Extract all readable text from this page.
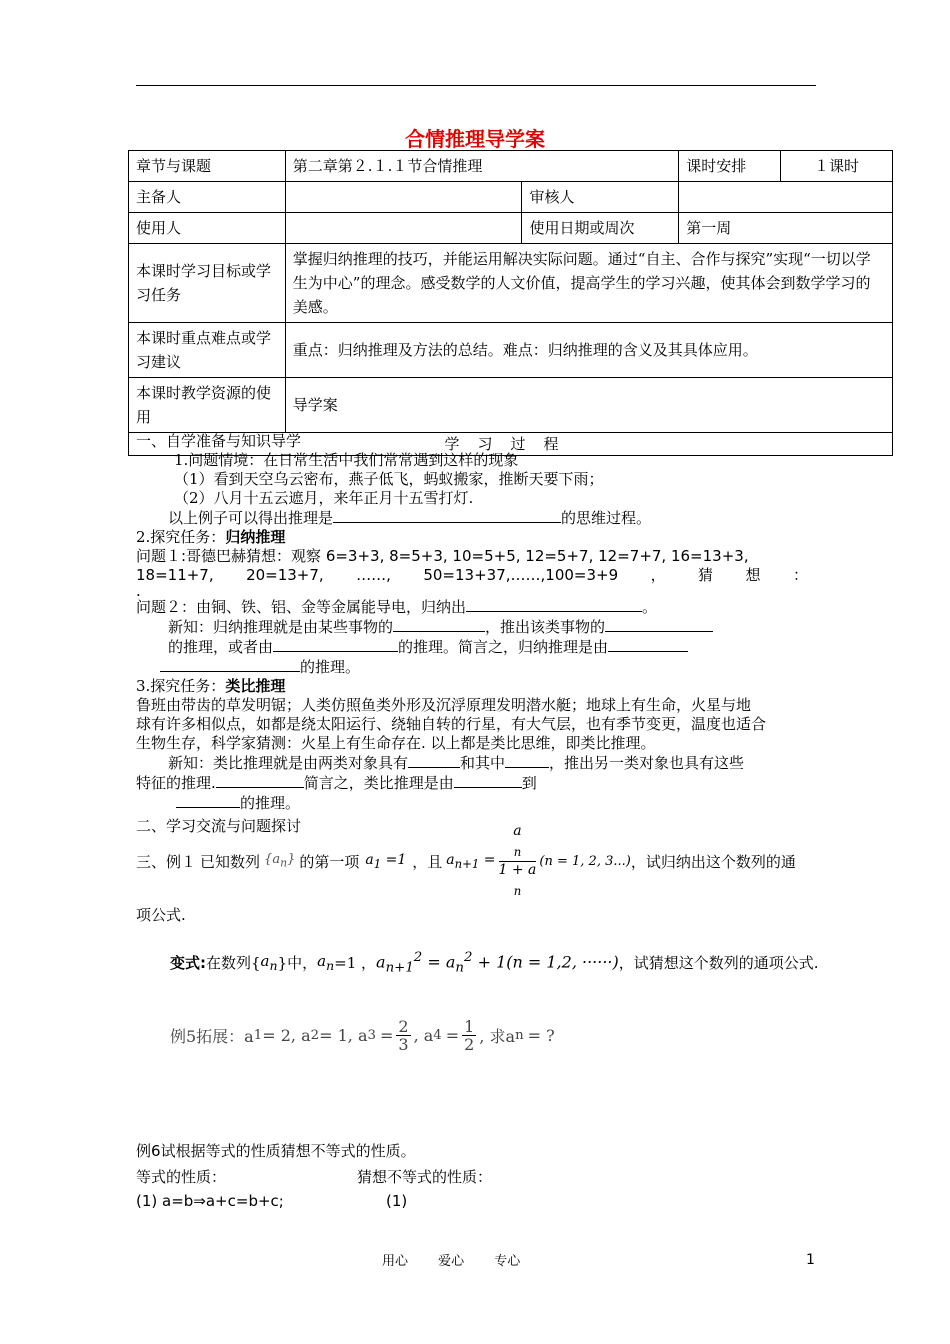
合情推理导学案
章节与课题	第二章第２.１.１节合情推理		课时安排	１课时
主备人		审核人		
使用人		使用日期或周次	第一周	
本课时学习目标或学习任务	掌握归纳推理的技巧，并能运用解决实际问题。通过“自主、合作与探究”实现“一切以学生为中心”的理念。感受数学的人文价值，提高学生的学习兴趣，使其体会到数学学习的美感。			
本课时重点难点或学习建议	重点：归纳推理及方法的总结。难点：归纳推理的含义及其具体应用。			
本课时教学资源的使用	导学案			
学习过程				

一、自学准备与知识导学

1.问题情境：在日常生活中我们常常遇到这样的现象

（1）看到天空乌云密布，燕子低飞，蚂蚁搬家，推断天要下雨；

（2）八月十五云遮月，来年正月十五雪打灯.

以上例子可以得出推理是	的思维过程。

2.探究任务：归纳推理

问题１:哥德巴赫猜想：观察 6=3+3, 8=5+3, 10=5+5, 12=5+7, 12=7+7, 16=13+3,

18=11+7, 20=13+7, ……, 50=13+37,……,100=3+9 ， 猜 想 ：

.

问题２：由铜、铁、铝、金等金属能导电，归纳出	。

新知：归纳推理就是由某些事物的	，推出该类事物的

的推理，或者由	的推理。简言之，归纳推理是由

的推理。

3.探究任务：类比推理

鲁班由带齿的草发明锯；人类仿照鱼类外形及沉浮原理发明潜水艇；地球上有生命，火星与地

球有许多相似点，如都是绕太阳运行、绕轴自转的行星，有大气层，也有季节变更，温度也适合

生物生存，科学家猜测：火星上有生命存在. 以上都是类比思维，即类比推理。

新知：类比推理就是由两类对象具有	和其中	，推出另一类对象也具有这些

特征的推理.	简言之，类比推理是由	到

的推理。

二、学习交流与问题探讨

三、 例１ 已知数列 $\{a_n\}$ 的第一项 $a_1 =1$ ，且 $a_{n+1} = a$
$_n$
1 + a
$_n$ (n = 1, 2, 3...) ，试归纳出这个数列的通
项公式.
变式: 在数列{ $a_n$ }中， $a_n =1$ ， $a_{n+1}^2 = a_n^2 + 1(n = 1,2$, ······) ，试猜想这个数列的通项公式.
例5拓展：a 1 = 2, a 2 = 1, a $3 = \frac{2}{3}$ , a $4 = \frac{1}{2}$ , 求a n = ?
例6试根据等式的性质猜想不等式的性质。
等式的性质：	猜想不等式的性质：
(1) a=b⇒a+c=b+c;	(1)
用心 爱心 专心	1
